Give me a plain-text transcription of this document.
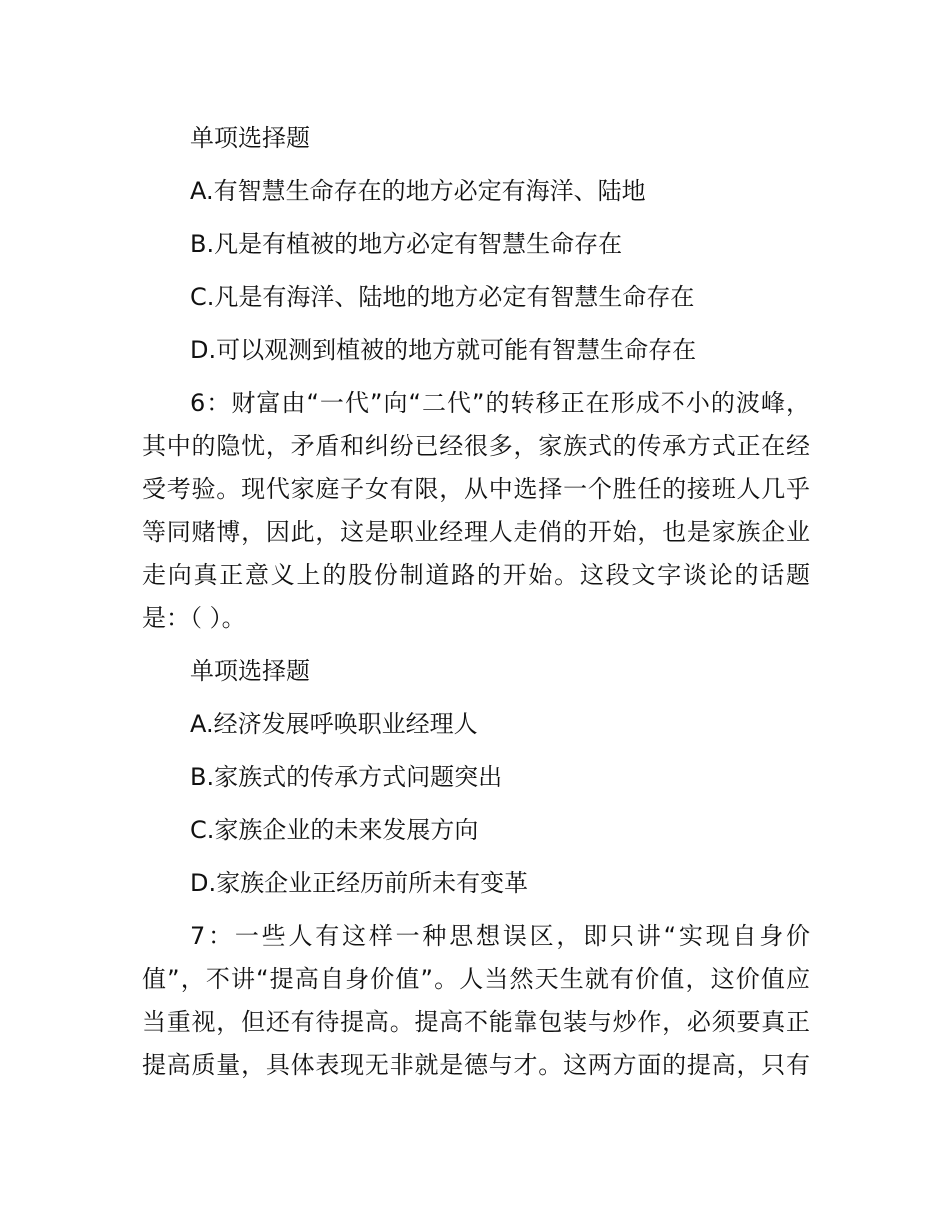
单项选择题
A.有智慧生命存在的地方必定有海洋、陆地
B.凡是有植被的地方必定有智慧生命存在
C.凡是有海洋、陆地的地方必定有智慧生命存在
D.可以观测到植被的地方就可能有智慧生命存在
6：财富由“一代”向“二代”的转移正在形成不小的波峰，
其中的隐忧，矛盾和纠纷已经很多，家族式的传承方式正在经
受考验。现代家庭子女有限，从中选择一个胜任的接班人几乎
等同赌博，因此，这是职业经理人走俏的开始，也是家族企业
走向真正意义上的股份制道路的开始。这段文字谈论的话题
是：（ ）。
单项选择题
A.经济发展呼唤职业经理人
B.家族式的传承方式问题突出
C.家族企业的未来发展方向
D.家族企业正经历前所未有变革
7：一些人有这样一种思想误区，即只讲“实现自身价
值”，不讲“提高自身价值”。人当然天生就有价值，这价值应
当重视，但还有待提高。提高不能靠包装与炒作，必须要真正
提高质量，具体表现无非就是德与才。这两方面的提高，只有
